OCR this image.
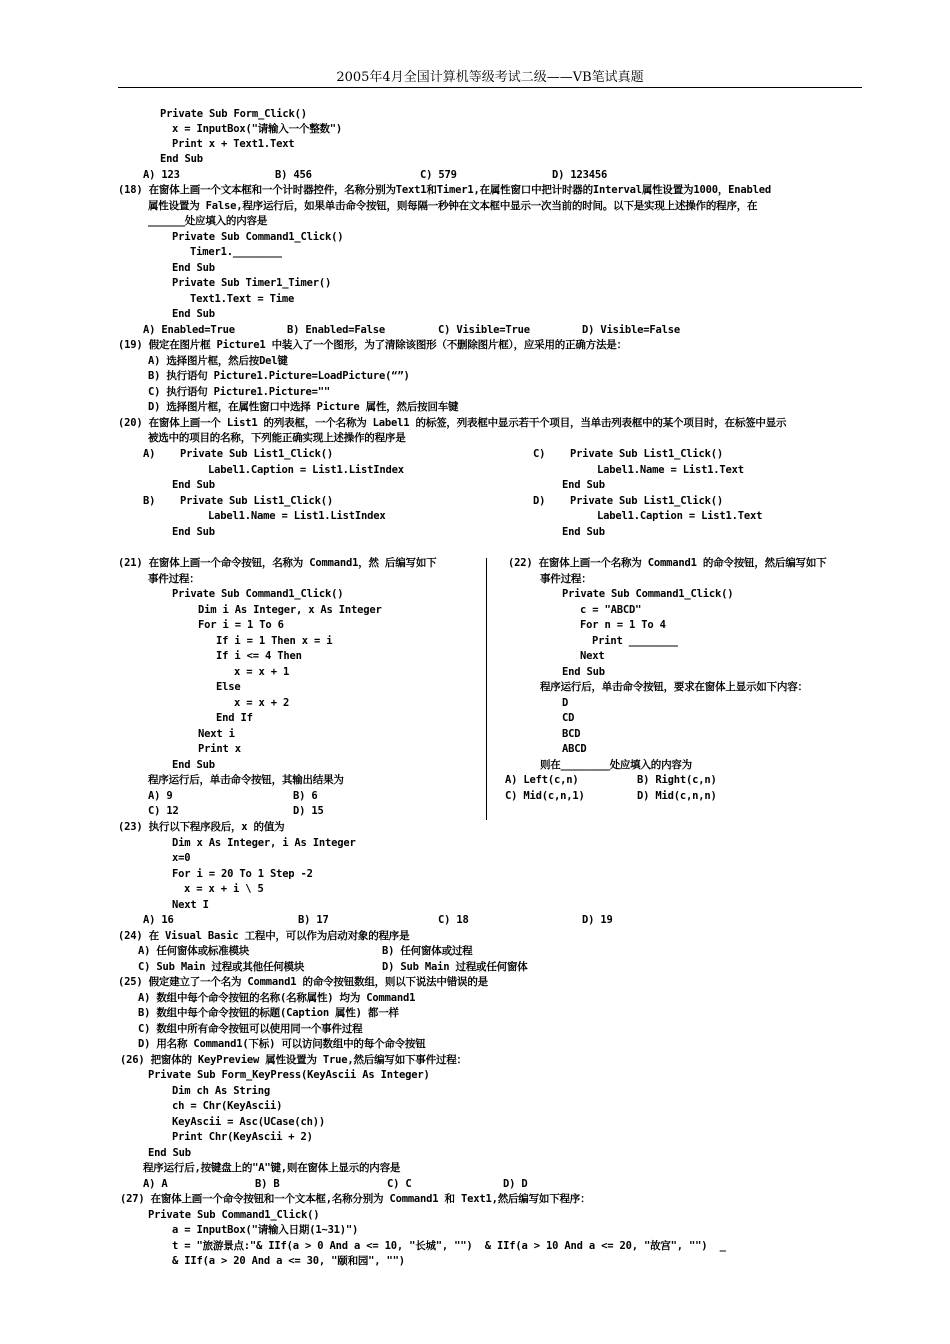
2005年4月全国计算机等级考试二级——VB笔试真题
Private Sub Form_Click()
x = InputBox("请输入一个整数")
Print x + Text1.Text
End Sub
A) 123	B) 456	C) 579	D) 123456
(18) 在窗体上画一个文本框和一个计时器控件，名称分别为Text1和Timer1,在属性窗口中把计时器的Interval属性设置为1000，Enabled
属性设置为 False,程序运行后，如果单击命令按钮，则每隔一秒钟在文本框中显示一次当前的时间。以下是实现上述操作的程序，在
______处应填入的内容是
Private Sub Command1_Click()
Timer1.________
End Sub
Private Sub Timer1_Timer()
Text1.Text = Time
End Sub
A) Enabled=True	B) Enabled=False	C) Visible=True	D) Visible=False
(19) 假定在图片框 Picture1 中装入了一个图形，为了清除该图形（不删除图片框），应采用的正确方法是：
A) 选择图片框，然后按Del键
B) 执行语句 Picture1.Picture=LoadPicture(“”)
C) 执行语句 Picture1.Picture=""
D) 选择图片框，在属性窗口中选择 Picture 属性，然后按回车键
(20) 在窗体上画一个 List1 的列表框，一个名称为 Label1 的标签，列表框中显示若干个项目，当单击列表框中的某个项目时，在标签中显示
被选中的项目的名称，下列能正确实现上述操作的程序是
A) Private Sub List1_Click()
Label1.Caption = List1.ListIndex
End Sub
B) Private Sub List1_Click()
Label1.Name = List1.ListIndex
End Sub
C) Private Sub List1_Click()
Label1.Name = List1.Text
End Sub
D) Private Sub List1_Click()
Label1.Caption = List1.Text
End Sub
(21) 在窗体上画一个命令按钮，名称为 Command1，然 后编写如下
事件过程：
Private Sub Command1_Click()
Dim i As Integer, x As Integer
For i = 1 To 6
If i = 1 Then x = i
If i <= 4 Then
x = x + 1
Else
x = x + 2
End If
Next i
Print x
End Sub
程序运行后，单击命令按钮，其输出结果为
A) 9	B) 6
C) 12	D) 15
(22) 在窗体上画一个名称为 Command1 的命令按钮，然后编写如下
事件过程：
Private Sub Command1_Click()
c = "ABCD"
For n = 1 To 4
Print ________
Next
End Sub
程序运行后，单击命令按钮，要求在窗体上显示如下内容：
D
CD
BCD
ABCD
则在________处应填入的内容为
A) Left(c,n)	B) Right(c,n)
C) Mid(c,n,1)	D) Mid(c,n,n)
(23) 执行以下程序段后，x 的值为
Dim x As Integer, i As Integer
x=0
For i = 20 To 1 Step -2
x = x + i \ 5
Next I
A) 16	B) 17	C) 18	D) 19
(24) 在 Visual Basic 工程中，可以作为启动对象的程序是
A) 任何窗体或标准模块	B) 任何窗体或过程
C) Sub Main 过程或其他任何模块	D) Sub Main 过程或任何窗体
(25) 假定建立了一个名为 Command1 的命令按钮数组，则以下说法中错误的是
A) 数组中每个命令按钮的名称(名称属性) 均为 Command1
B) 数组中每个命令按钮的标题(Caption 属性) 都一样
C) 数组中所有命令按钮可以使用同一个事件过程
D) 用名称 Command1(下标) 可以访问数组中的每个命令按钮
(26) 把窗体的 KeyPreview 属性设置为 True,然后编写如下事件过程：
Private Sub Form_KeyPress(KeyAscii As Integer)
Dim ch As String
ch = Chr(KeyAscii)
KeyAscii = Asc(UCase(ch))
Print Chr(KeyAscii + 2)
End Sub
程序运行后,按键盘上的"A"键,则在窗体上显示的内容是
A) A	B) B	C) C	D) D
(27) 在窗体上画一个命令按钮和一个文本框,名称分别为 Command1 和 Text1,然后编写如下程序：
Private Sub Command1_Click()
a = InputBox("请输入日期(1~31)")
t = "旅游景点:"& IIf(a > 0 And a <= 10, "长城", "")  & IIf(a > 10 And a <= 20, "故宫", "")  _
& IIf(a > 20 And a <= 30, "颐和园", "")
